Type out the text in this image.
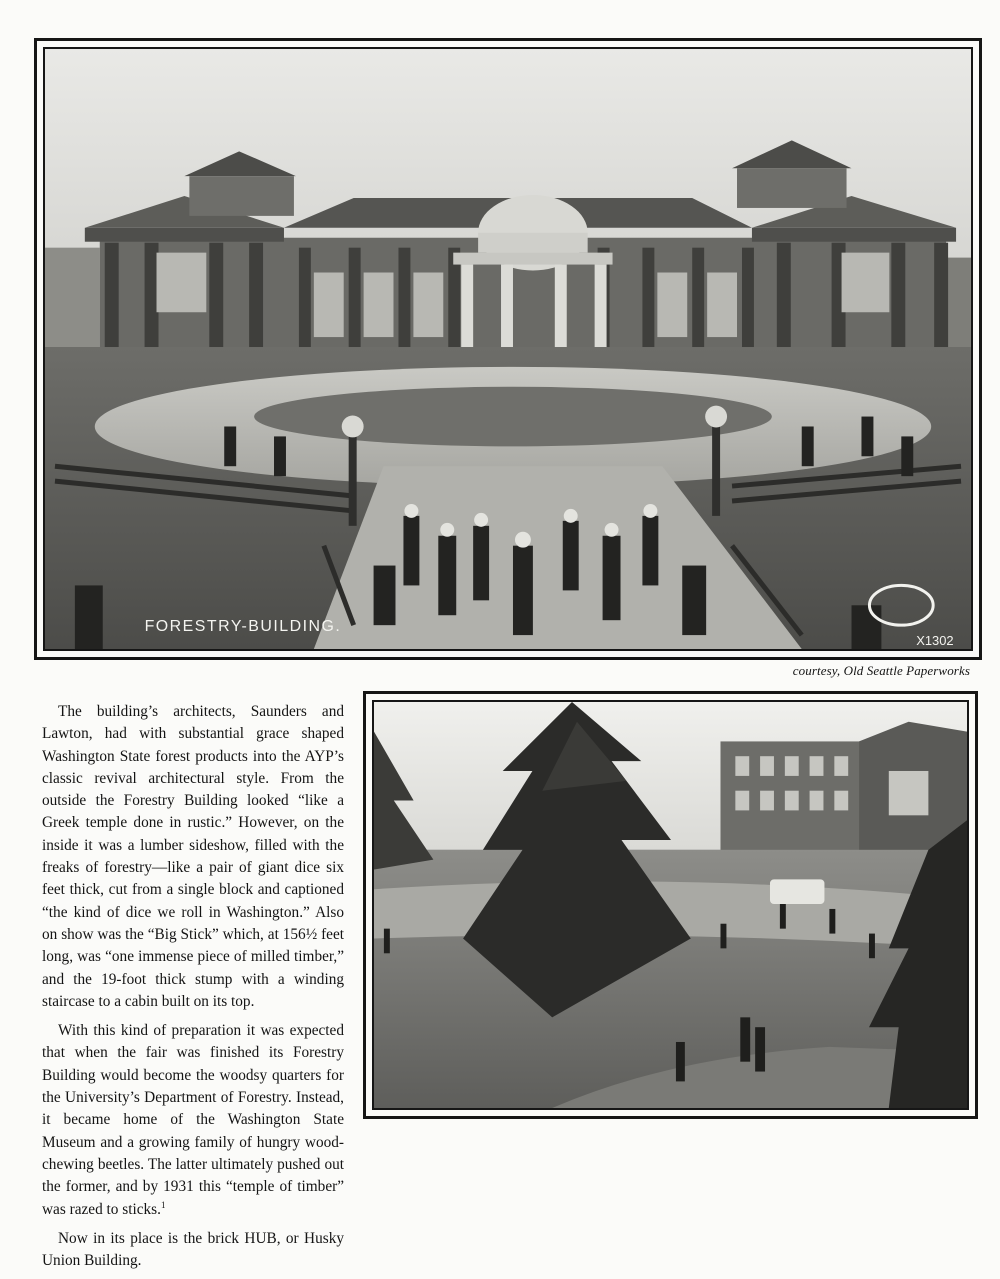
FORESTRY-BUILDING.
X1302
courtesy, Old Seattle Paperworks

The building’s architects, Saunders and Lawton, had with substantial grace shaped Washington State forest products into the AYP’s classic revival architectural style. From the outside the Forestry Building looked “like a Greek temple done in rustic.” However, on the inside it was a lumber sideshow, filled with the freaks of forestry—like a pair of giant dice six feet thick, cut from a single block and captioned “the kind of dice we roll in Washington.” Also on show was the “Big Stick” which, at 156½ feet long, was “one immense piece of milled timber,” and the 19-foot thick stump with a winding staircase to a cabin built on its top.

With this kind of preparation it was expected that when the fair was finished its Forestry Building would become the woodsy quarters for the University’s Department of Forestry. Instead, it became home of the Washington State Museum and a growing family of hungry wood-chewing beetles. The latter ultimately pushed out the former, and by 1931 this “temple of timber” was razed to sticks.$^1$

Now in its place is the brick HUB, or Husky Union Building.
